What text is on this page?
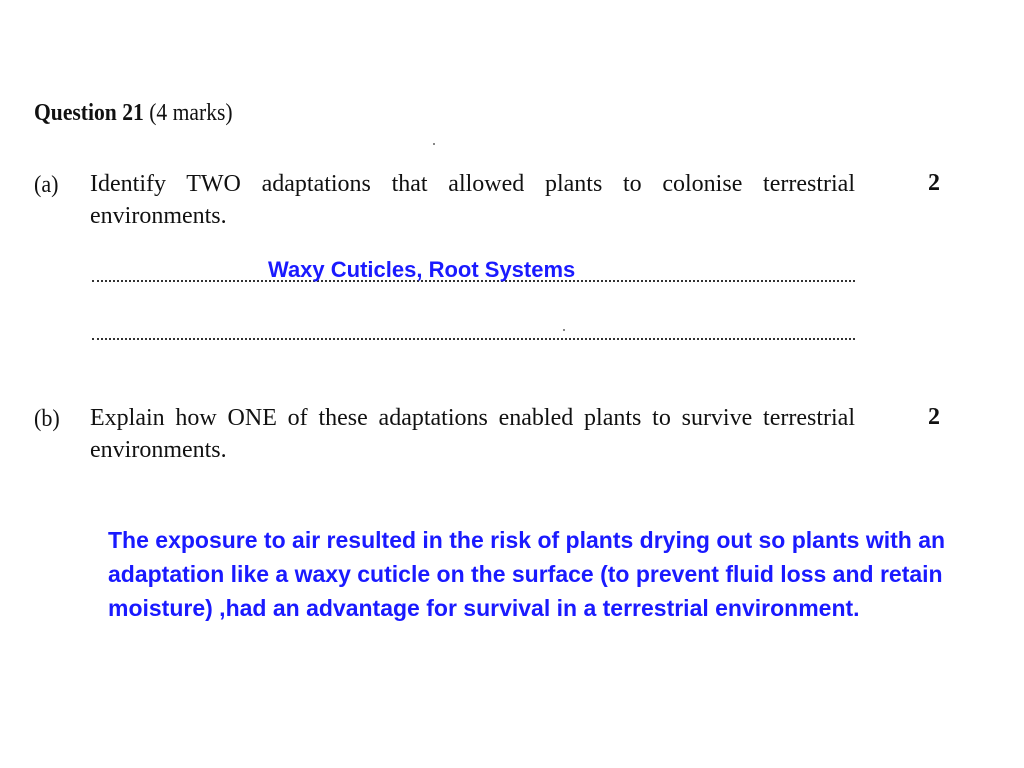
Question 21 (4 marks)
(a) Identify TWO adaptations that allowed plants to colonise terrestrial environments.
2
Waxy Cuticles, Root Systems
(b) Explain how ONE of these adaptations enabled plants to survive terrestrial environments.
2
The exposure to air resulted in the risk of plants drying out so plants with an adaptation like a waxy cuticle on the surface (to prevent fluid loss and retain moisture) ,had an advantage for survival in a terrestrial environment.
